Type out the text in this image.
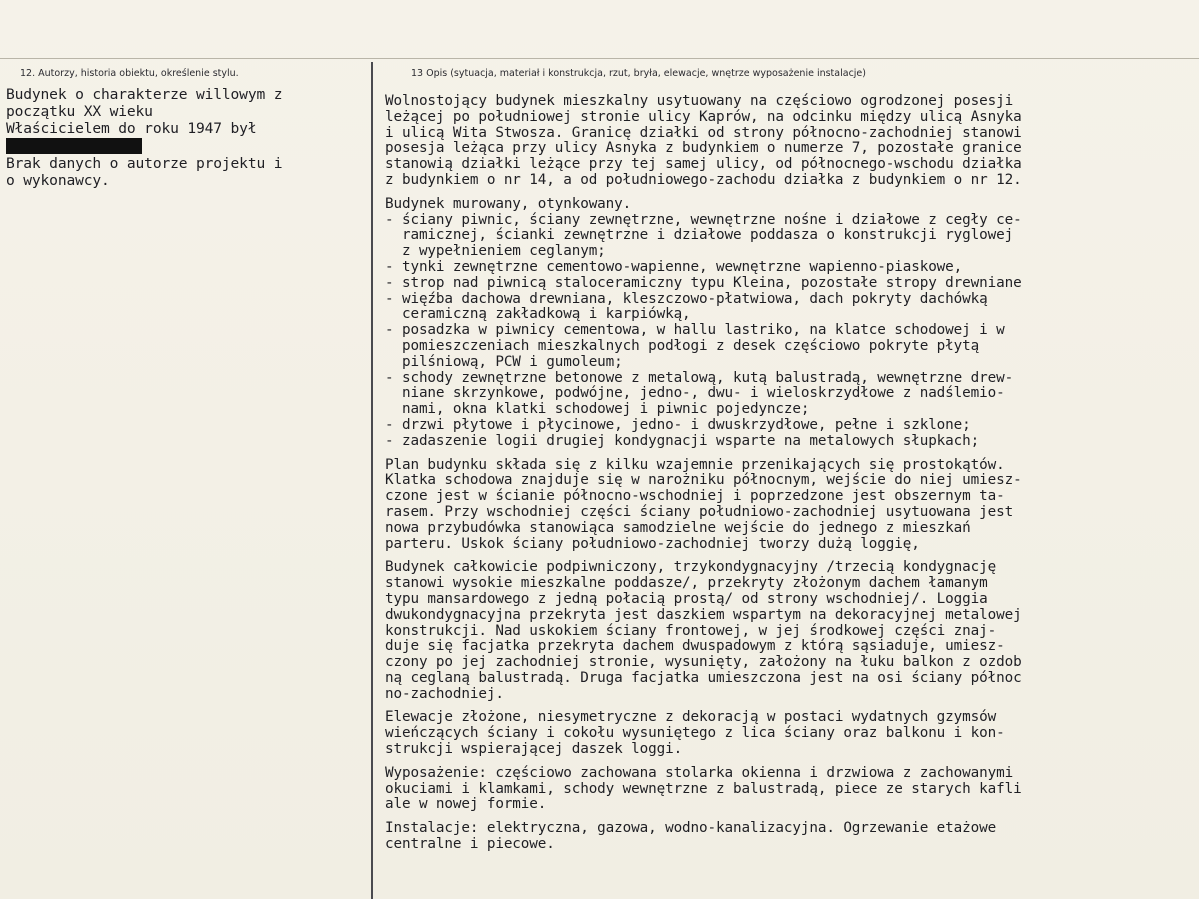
12. Autorzy, historia obiektu, określenie stylu.	13 Opis (sytuacja, materiał i konstrukcja, rzut, bryła, elewacje, wnętrze wyposażenie instalacje)
Budynek o charakterze willowym z
początku XX wieku
Właścicielem do roku 1947 był
Brak danych o autorze projektu i
o wykonawcy.
Wolnostojący budynek mieszkalny usytuowany na częściowo ogrodzonej posesji
leżącej po południowej stronie ulicy Kaprów, na odcinku między ulicą Asnyka
i ulicą Wita Stwosza. Granicę działki od strony północno-zachodniej stanowi
posesja leżąca przy ulicy Asnyka z budynkiem o numerze 7, pozostałe granice
stanowią działki leżące przy tej samej ulicy, od północnego-wschodu działka
z budynkiem o nr 14, a od południowego-zachodu działka z budynkiem o nr 12.
Budynek murowany, otynkowany.
- ściany piwnic, ściany zewnętrzne, wewnętrzne nośne i działowe z cegły ce-
ramicznej, ścianki zewnętrzne i działowe poddasza o konstrukcji ryglowej
z wypełnieniem ceglanym;
- tynki zewnętrzne cementowo-wapienne, wewnętrzne wapienno-piaskowe,
- strop nad piwnicą staloceramiczny typu Kleina, pozostałe stropy drewniane
- więźba dachowa drewniana, kleszczowo-płatwiowa, dach pokryty dachówką
ceramiczną zakładkową i karpiówką,
- posadzka w piwnicy cementowa, w hallu lastriko, na klatce schodowej i w
pomieszczeniach mieszkalnych podłogi z desek częściowo pokryte płytą
pilśniową, PCW i gumoleum;
- schody zewnętrzne betonowe z metalową, kutą balustradą, wewnętrzne drew-
niane skrzynkowe, podwójne, jedno-, dwu- i wieloskrzydłowe z nadślemio-
nami, okna klatki schodowej i piwnic pojedyncze;
- drzwi płytowe i płycinowe, jedno- i dwuskrzydłowe, pełne i szklone;
- zadaszenie logii drugiej kondygnacji wsparte na metalowych słupkach;
Plan budynku składa się z kilku wzajemnie przenikających się prostokątów.
Klatka schodowa znajduje się w narożniku północnym, wejście do niej umiesz-
czone jest w ścianie północno-wschodniej i poprzedzone jest obszernym ta-
rasem. Przy wschodniej części ściany południowo-zachodniej usytuowana jest
nowa przybudówka stanowiąca samodzielne wejście do jednego z mieszkań
parteru. Uskok ściany południowo-zachodniej tworzy dużą loggię,
Budynek całkowicie podpiwniczony, trzykondygnacyjny /trzecią kondygnację
stanowi wysokie mieszkalne poddasze/, przekryty złożonym dachem łamanym
typu mansardowego z jedną połacią prostą/ od strony wschodniej/. Loggia
dwukondygnacyjna przekryta jest daszkiem wspartym na dekoracyjnej metalowej
konstrukcji. Nad uskokiem ściany frontowej, w jej środkowej części znaj-
duje się facjatka przekryta dachem dwuspadowym z którą sąsiaduje, umiesz-
czony po jej zachodniej stronie, wysunięty, założony na łuku balkon z ozdob
ną ceglaną balustradą. Druga facjatka umieszczona jest na osi ściany północ
no-zachodniej.
Elewacje złożone, niesymetryczne z dekoracją w postaci wydatnych gzymsów
wieńczących ściany i cokołu wysuniętego z lica ściany oraz balkonu i kon-
strukcji wspierającej daszek loggi.
Wyposażenie: częściowo zachowana stolarka okienna i drzwiowa z zachowanymi
okuciami i klamkami, schody wewnętrzne z balustradą, piece ze starych kafli
ale w nowej formie.
Instalacje: elektryczna, gazowa, wodno-kanalizacyjna. Ogrzewanie etażowe
centralne i piecowe.
